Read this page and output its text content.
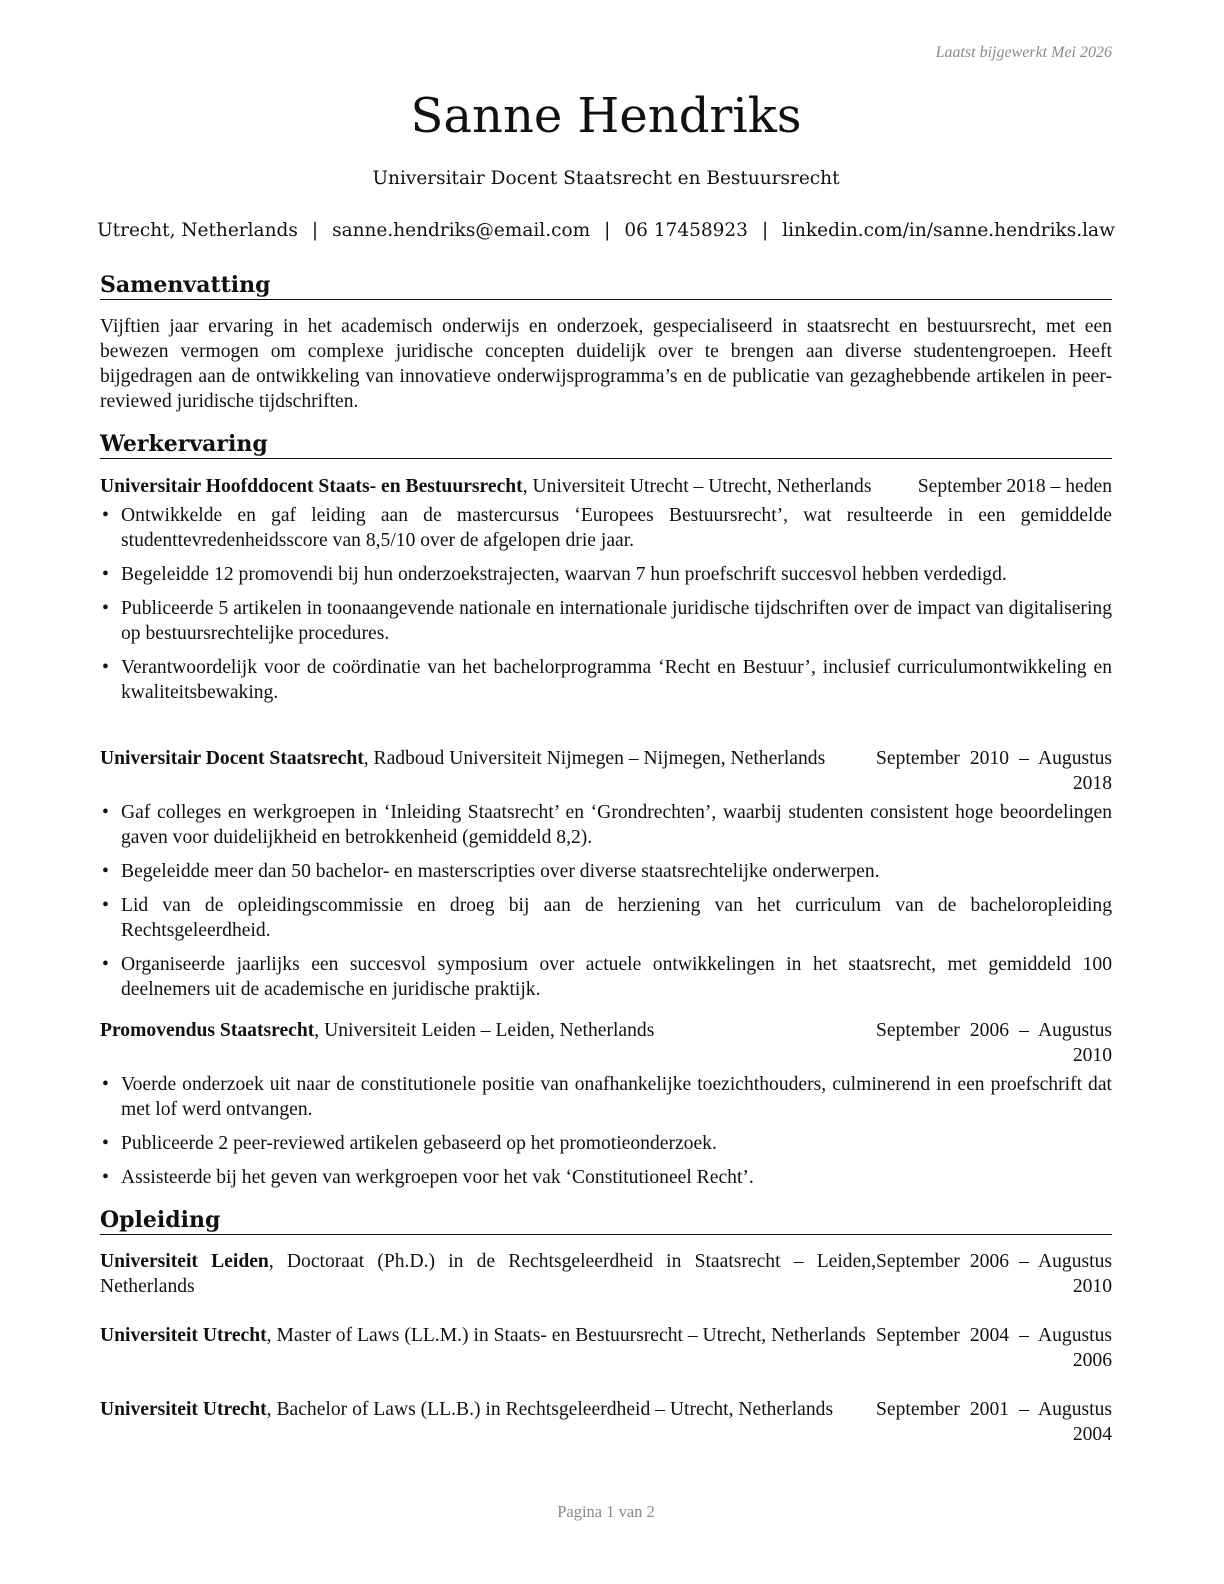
Laatst bijgewerkt Mei 2026
Sanne Hendriks
Universitair Docent Staatsrecht en Bestuursrecht
Utrecht, Netherlands | sanne.hendriks@email.com | 06 17458923 | linkedin.com/in/sanne.hendriks.law
Samenvatting

Vijftien jaar ervaring in het academisch onderwijs en onderzoek, gespecialiseerd in staatsrecht en bestuursrecht, met een bewezen vermogen om complexe juridische concepten duidelijk over te brengen aan diverse studentengroepen. Heeft bijgedragen aan de ontwikkeling van innovatieve onderwijsprogramma’s en de publicatie van gezaghebbende artikelen in peer-reviewed juridische tijdschriften.

Werkervaring
Universitair Hoofddocent Staats- en Bestuursrecht, Universiteit Utrecht – Utrecht, Netherlands	September 2018 – heden
• Ontwikkelde en gaf leiding aan de mastercursus ‘Europees Bestuursrecht’, wat resulteerde in een gemiddelde studenttevredenheidsscore van 8,5/10 over de afgelopen drie jaar.
• Begeleidde 12 promovendi bij hun onderzoekstrajecten, waarvan 7 hun proefschrift succesvol hebben verdedigd.
• Publiceerde 5 artikelen in toonaangevende nationale en internationale juridische tijdschriften over de impact van digitalisering op bestuursrechtelijke procedures.
• Verantwoordelijk voor de coördinatie van het bachelorprogramma ‘Recht en Bestuur’, inclusief curriculumontwikkeling en kwaliteitsbewaking.
Universitair Docent Staatsrecht, Radboud Universiteit Nijmegen – Nijmegen, Netherlands	September 2010 – Augustus 2018
• Gaf colleges en werkgroepen in ‘Inleiding Staatsrecht’ en ‘Grondrechten’, waarbij studenten consistent hoge beoordelingen gaven voor duidelijkheid en betrokkenheid (gemiddeld 8,2).
• Begeleidde meer dan 50 bachelor- en masterscripties over diverse staatsrechtelijke onderwerpen.
• Lid van de opleidingscommissie en droeg bij aan de herziening van het curriculum van de bacheloropleiding Rechtsgeleerdheid.
• Organiseerde jaarlijks een succesvol symposium over actuele ontwikkelingen in het staatsrecht, met gemiddeld 100 deelnemers uit de academische en juridische praktijk.
Promovendus Staatsrecht, Universiteit Leiden – Leiden, Netherlands	September 2006 – Augustus 2010
• Voerde onderzoek uit naar de constitutionele positie van onafhankelijke toezichthouders, culminerend in een proefschrift dat met lof werd ontvangen.
• Publiceerde 2 peer-reviewed artikelen gebaseerd op het promotieonderzoek.
• Assisteerde bij het geven van werkgroepen voor het vak ‘Constitutioneel Recht’.
Opleiding
Universiteit Leiden, Doctoraat (Ph.D.) in de Rechtsgeleerdheid in Staatsrecht – Leiden, Netherlands
September 2006 – Augustus 2010
Universiteit Utrecht, Master of Laws (LL.M.) in Staats- en Bestuursrecht – Utrecht, Netherlands September 2004 – Augustus 2006
Universiteit Utrecht, Bachelor of Laws (LL.B.) in Rechtsgeleerdheid – Utrecht, Netherlands	September 2001 – Augustus 2004
Pagina 1 van 2
